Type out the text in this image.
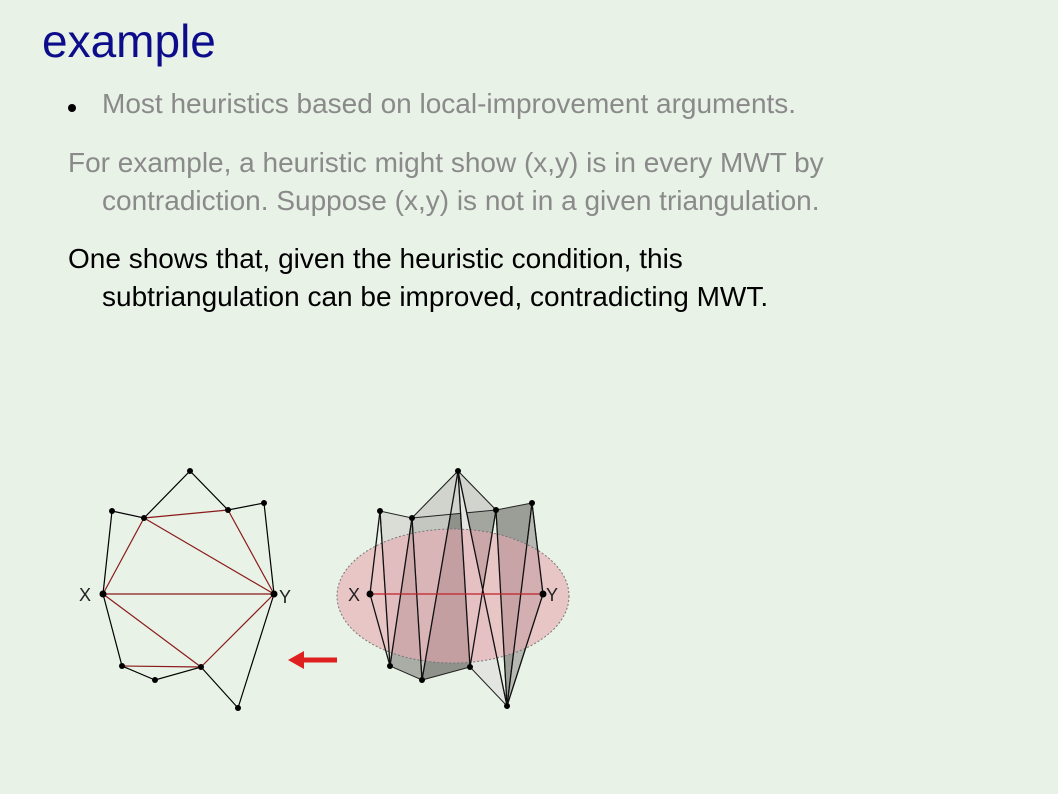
example
Most heuristics based on local-improvement arguments.
For example, a heuristic might show (x,y) is in every MWT by
contradiction. Suppose (x,y) is not in a given triangulation.
One shows that, given the heuristic condition, this
subtriangulation can be improved, contradicting MWT.
X	Y	X	Y
